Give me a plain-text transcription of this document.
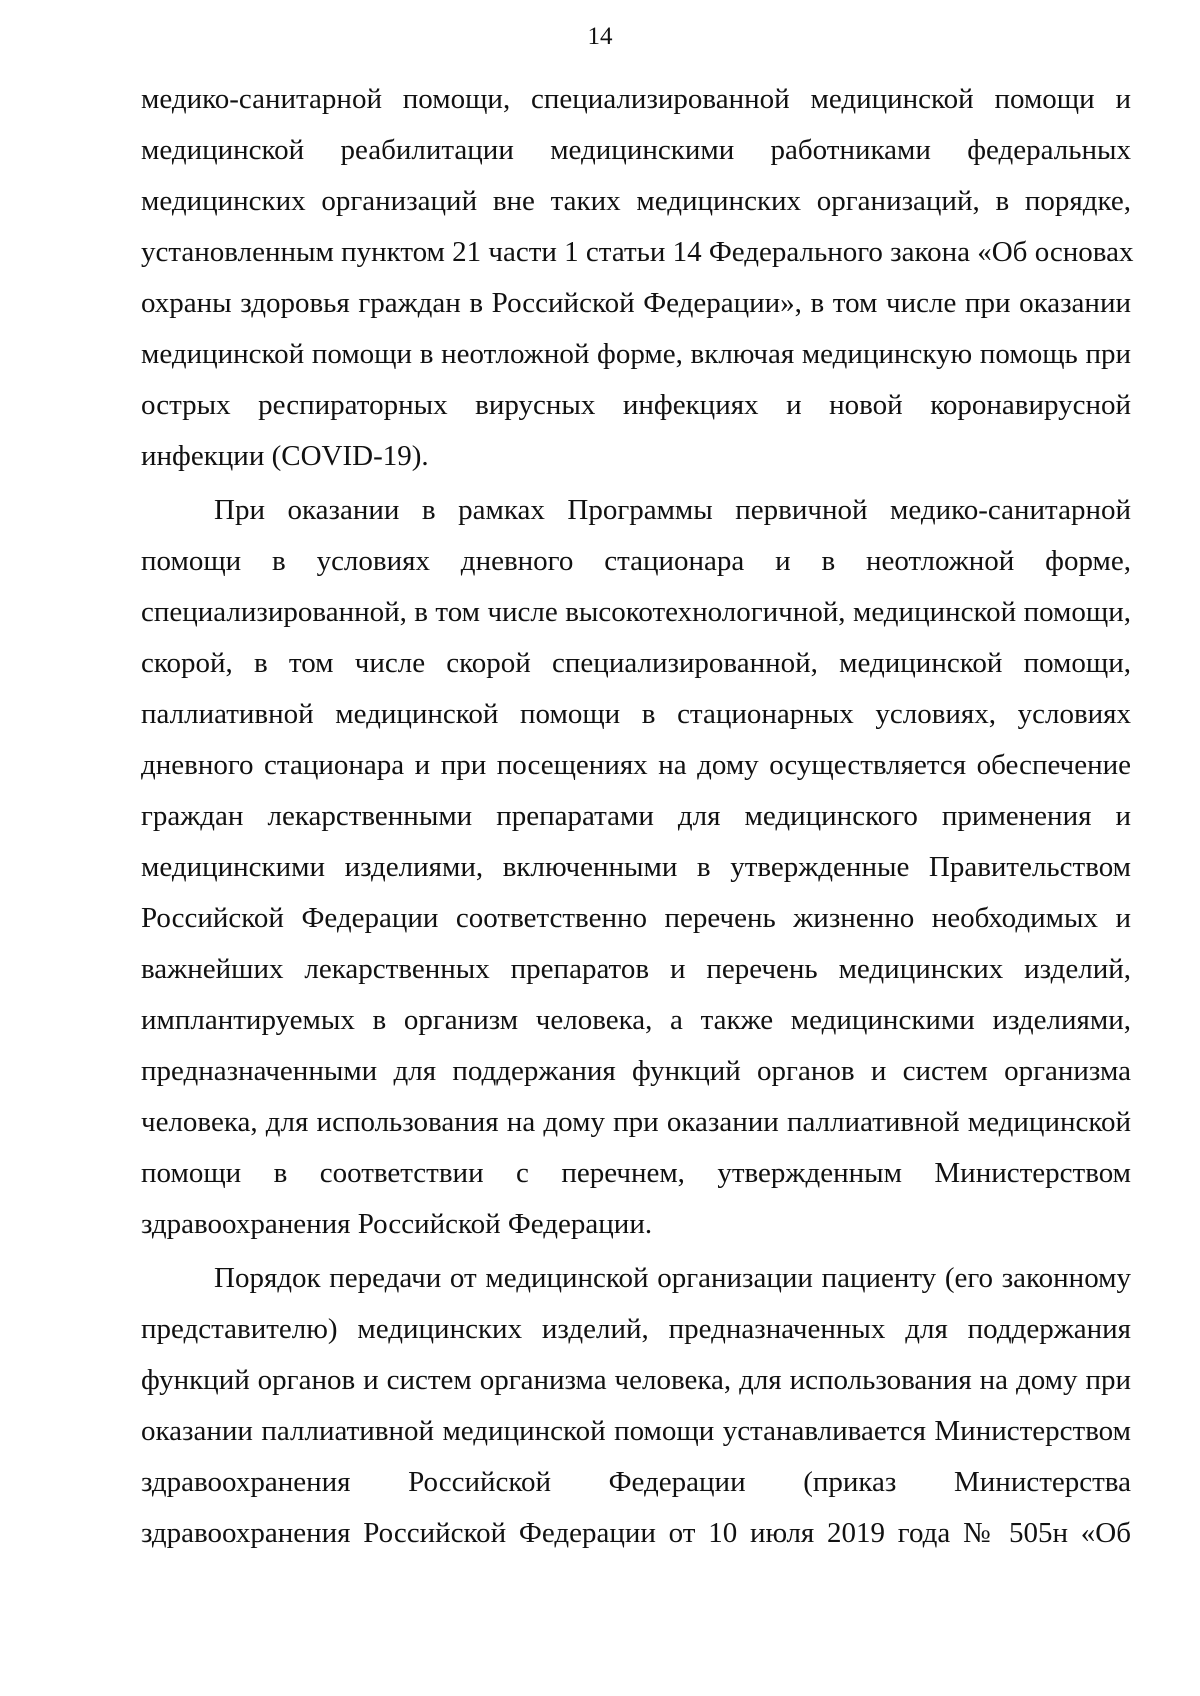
14

медико-санитарной помощи, специализированной медицинской помощи и
медицинской реабилитации медицинскими работниками федеральных
медицинских организаций вне таких медицинских организаций, в порядке,
установленным пунктом 21 части 1 статьи 14 Федерального закона «Об основах
охраны здоровья граждан в Российской Федерации», в том числе при оказании
медицинской помощи в неотложной форме, включая медицинскую помощь при
острых респираторных вирусных инфекциях и новой коронавирусной
инфекции (COVID-19).

При оказании в рамках Программы первичной медико-санитарной
помощи в условиях дневного стационара и в неотложной форме,
специализированной, в том числе высокотехнологичной, медицинской помощи,
скорой, в том числе скорой специализированной, медицинской помощи,
паллиативной медицинской помощи в стационарных условиях, условиях
дневного стационара и при посещениях на дому осуществляется обеспечение
граждан лекарственными препаратами для медицинского применения и
медицинскими изделиями, включенными в утвержденные Правительством
Российской Федерации соответственно перечень жизненно необходимых и
важнейших лекарственных препаратов и перечень медицинских изделий,
имплантируемых в организм человека, а также медицинскими изделиями,
предназначенными для поддержания функций органов и систем организма
человека, для использования на дому при оказании паллиативной медицинской
помощи в соответствии с перечнем, утвержденным Министерством
здравоохранения Российской Федерации.

Порядок передачи от медицинской организации пациенту (его законному
представителю) медицинских изделий, предназначенных для поддержания
функций органов и систем организма человека, для использования на дому при
оказании паллиативной медицинской помощи устанавливается Министерством
здравоохранения Российской Федерации (приказ Министерства
здравоохранения Российской Федерации от 10 июля 2019 года № 505н «Об
